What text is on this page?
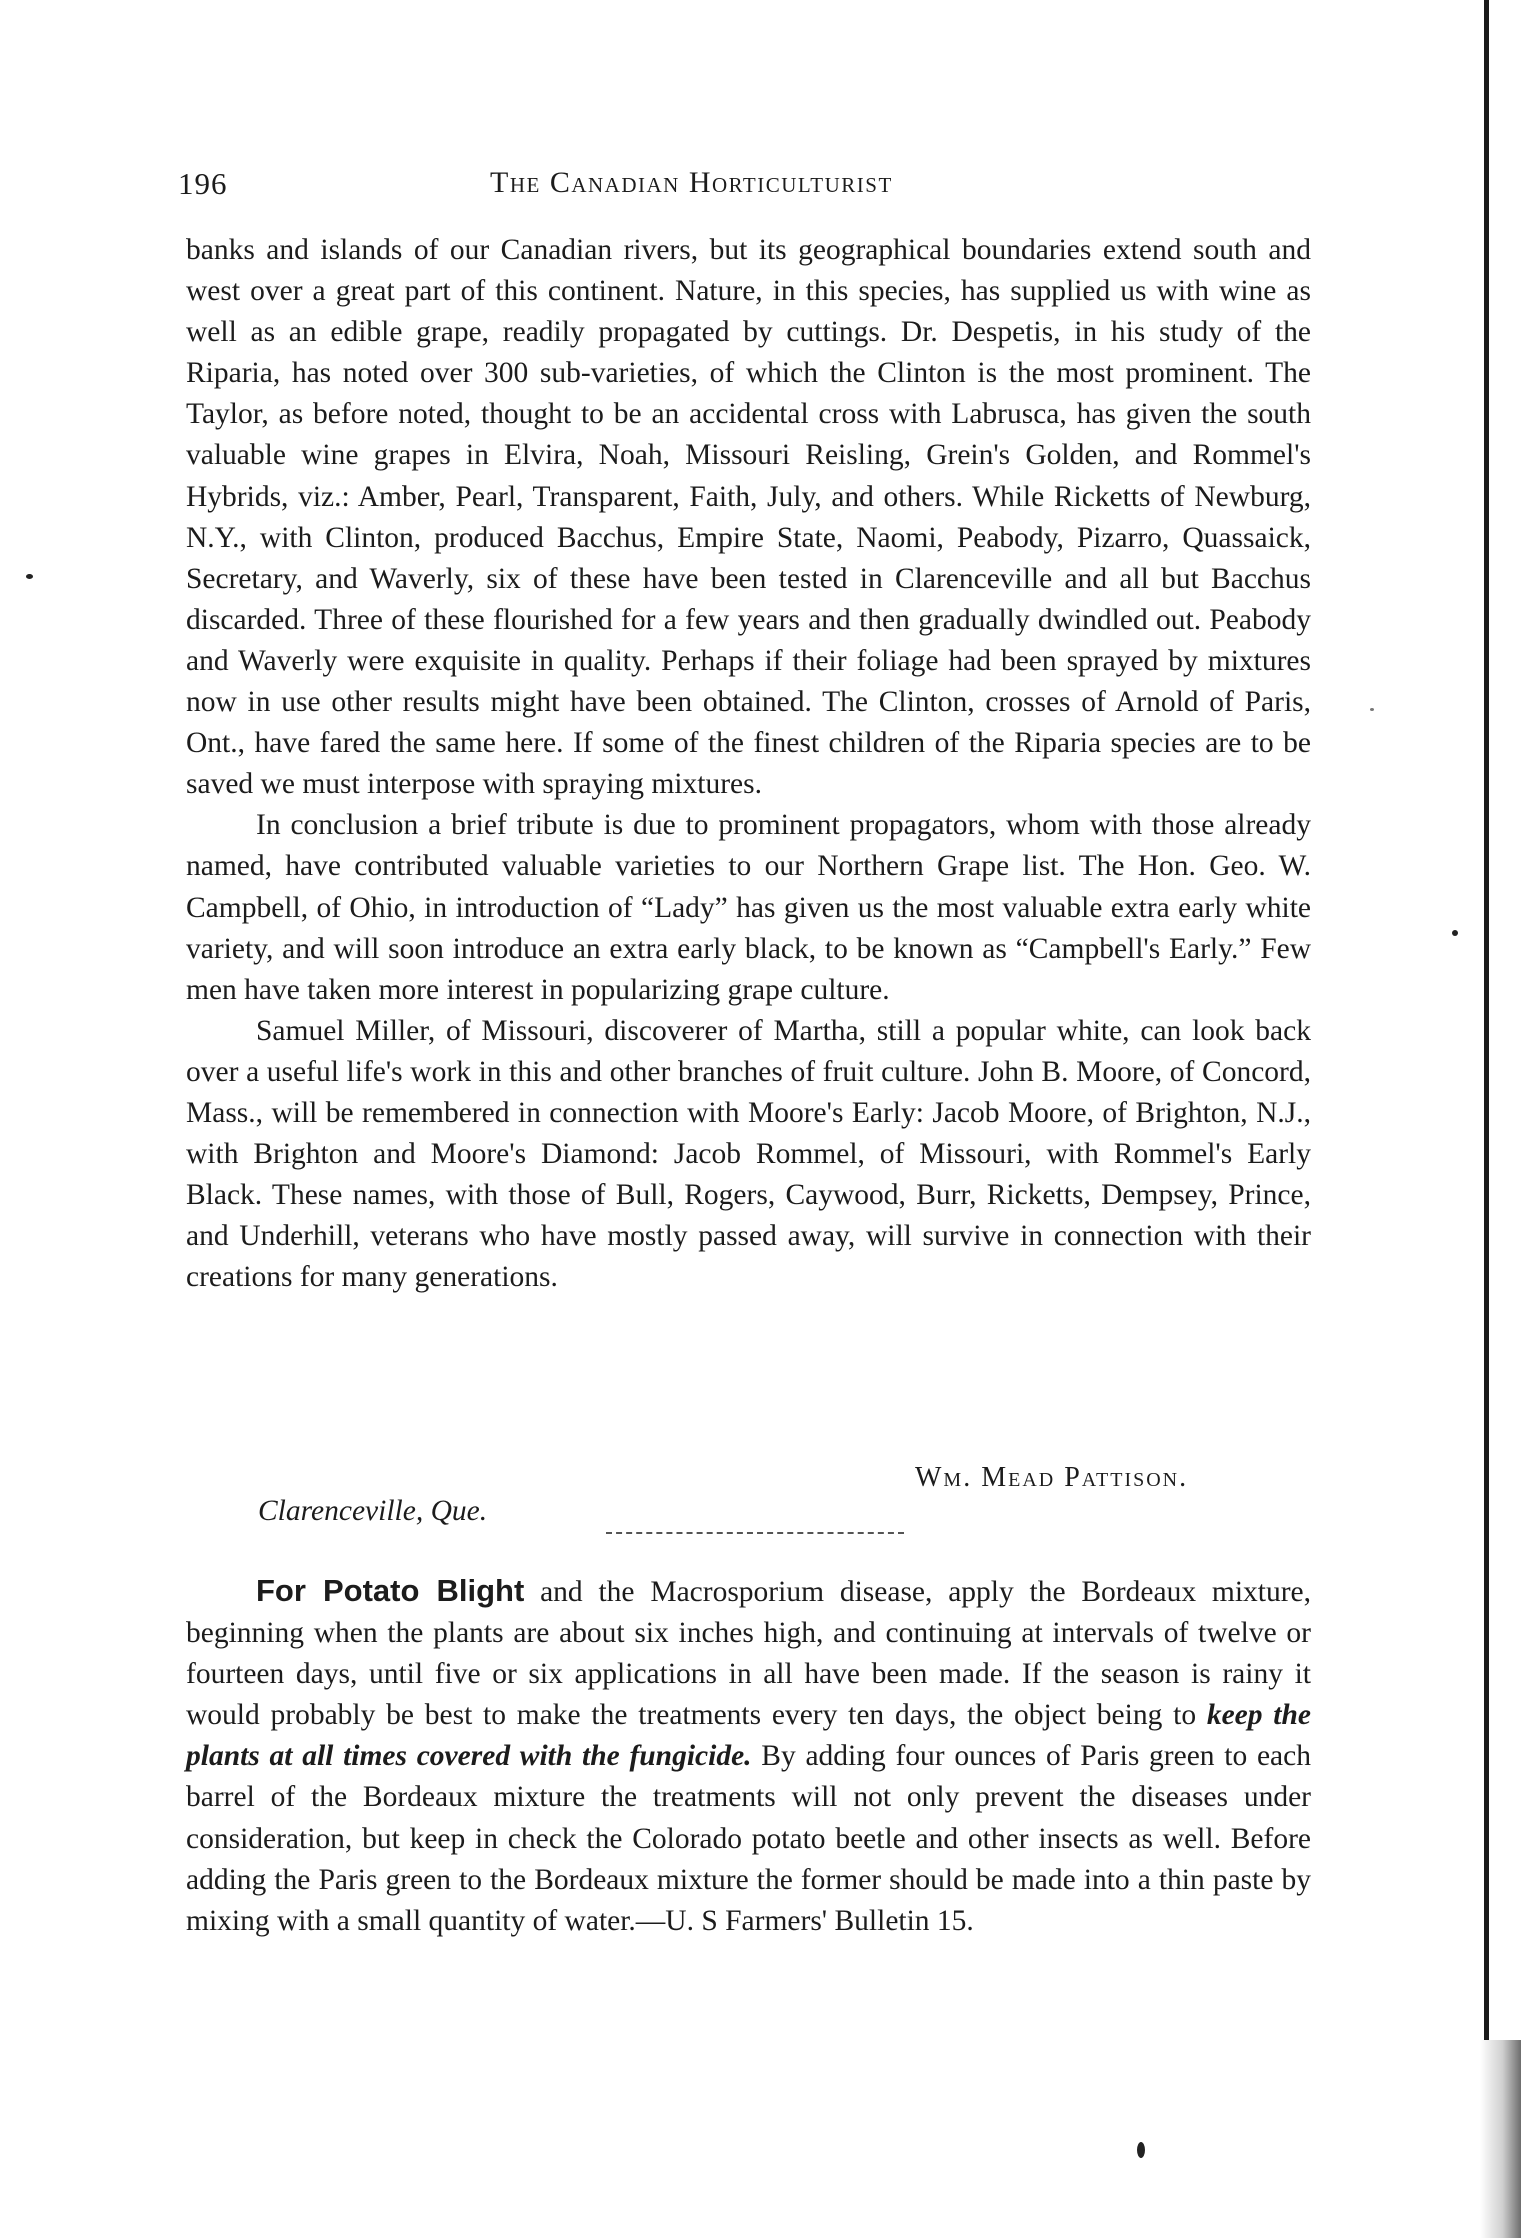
196	The Canadian Horticulturist

banks and islands of our Canadian rivers, but its geographical boundaries extend south and west over a great part of this continent. Nature, in this species, has supplied us with wine as well as an edible grape, readily propagated by cuttings. Dr. Despetis, in his study of the Riparia, has noted over 300 sub-varieties, of which the Clinton is the most prominent. The Taylor, as before noted, thought to be an accidental cross with Labrusca, has given the south valuable wine grapes in Elvira, Noah, Missouri Reisling, Grein's Golden, and Rommel's Hybrids, viz.: Amber, Pearl, Transparent, Faith, July, and others. While Ricketts of Newburg, N.Y., with Clinton, produced Bacchus, Empire State, Naomi, Peabody, Pizarro, Quassaick, Secretary, and Waverly, six of these have been tested in Clarenceville and all but Bacchus discarded. Three of these flourished for a few years and then gradually dwindled out. Peabody and Waverly were exquisite in quality. Perhaps if their foliage had been sprayed by mixtures now in use other results might have been obtained. The Clinton, crosses of Arnold of Paris, Ont., have fared the same here. If some of the finest children of the Riparia species are to be saved we must interpose with spraying mixtures.

In conclusion a brief tribute is due to prominent propagators, whom with those already named, have contributed valuable varieties to our Northern Grape list. The Hon. Geo. W. Campbell, of Ohio, in introduction of “Lady” has given us the most valuable extra early white variety, and will soon introduce an extra early black, to be known as “Campbell's Early.” Few men have taken more interest in popularizing grape culture.

Samuel Miller, of Missouri, discoverer of Martha, still a popular white, can look back over a useful life's work in this and other branches of fruit culture. John B. Moore, of Concord, Mass., will be remembered in connection with Moore's Early: Jacob Moore, of Brighton, N.J., with Brighton and Moore's Diamond: Jacob Rommel, of Missouri, with Rommel's Early Black. These names, with those of Bull, Rogers, Caywood, Burr, Ricketts, Dempsey, Prince, and Underhill, veterans who have mostly passed away, will survive in connection with their creations for many generations.

Wm. Mead Pattison.
Clarenceville, Que.

For Potato Blight and the Macrosporium disease, apply the Bordeaux mixture, beginning when the plants are about six inches high, and continuing at intervals of twelve or fourteen days, until five or six applications in all have been made. If the season is rainy it would probably be best to make the treatments every ten days, the object being to keep the plants at all times covered with the fungicide. By adding four ounces of Paris green to each barrel of the Bordeaux mixture the treatments will not only prevent the diseases under consideration, but keep in check the Colorado potato beetle and other insects as well. Before adding the Paris green to the Bordeaux mixture the former should be made into a thin paste by mixing with a small quantity of water.—U. S Farmers' Bulletin 15.
